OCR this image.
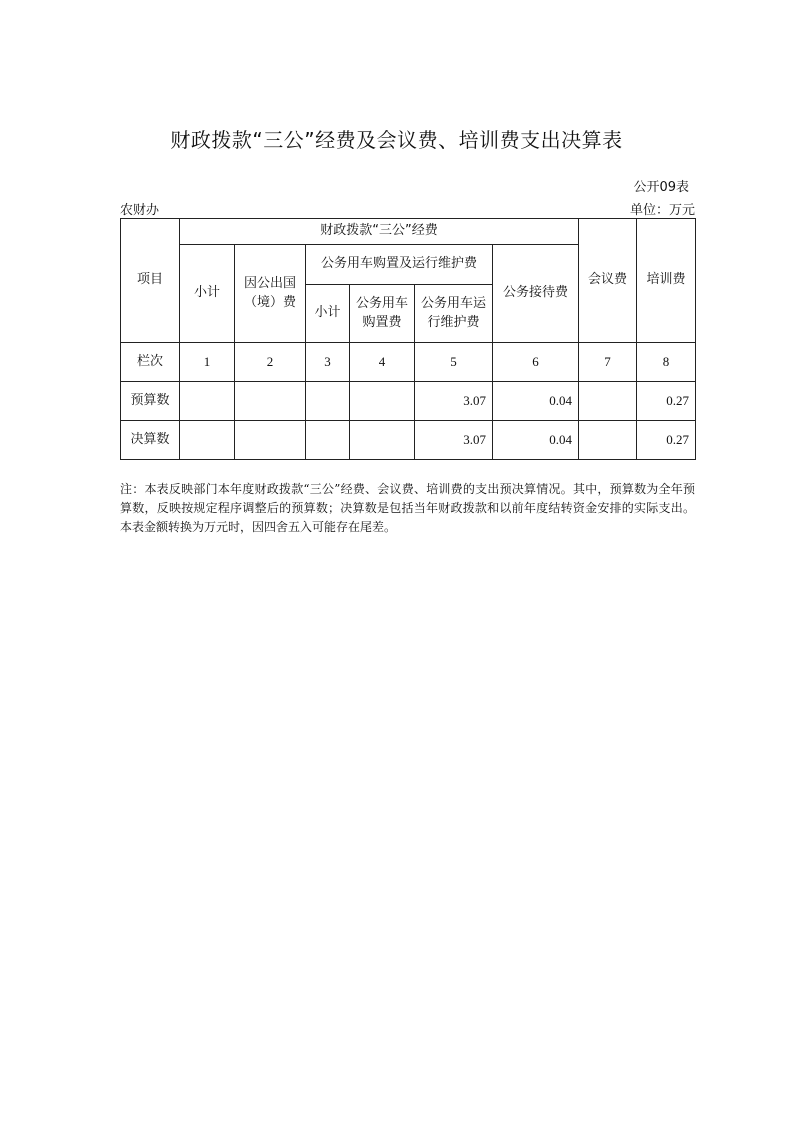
财政拨款“三公”经费及会议费、培训费支出决算表
公开09表
农财办	单位：万元
项目	财政拨款“三公”经费						会议费	培训费
	小计	因公出国（境）费	公务用车购置及运行维护费			公务接待费		
			小计	公务用车购置费	公务用车运行维护费			
栏次	1	2	3	4	5	6	7	8
预算数					3.07	0.04		0.27
决算数					3.07	0.04		0.27
注：本表反映部门本年度财政拨款“三公”经费、会议费、培训费的支出预决算情况。其中，预算数为全年预算数，反映按规定程序调整后的预算数；决算数是包括当年财政拨款和以前年度结转资金安排的实际支出。本表金额转换为万元时，因四舍五入可能存在尾差。
